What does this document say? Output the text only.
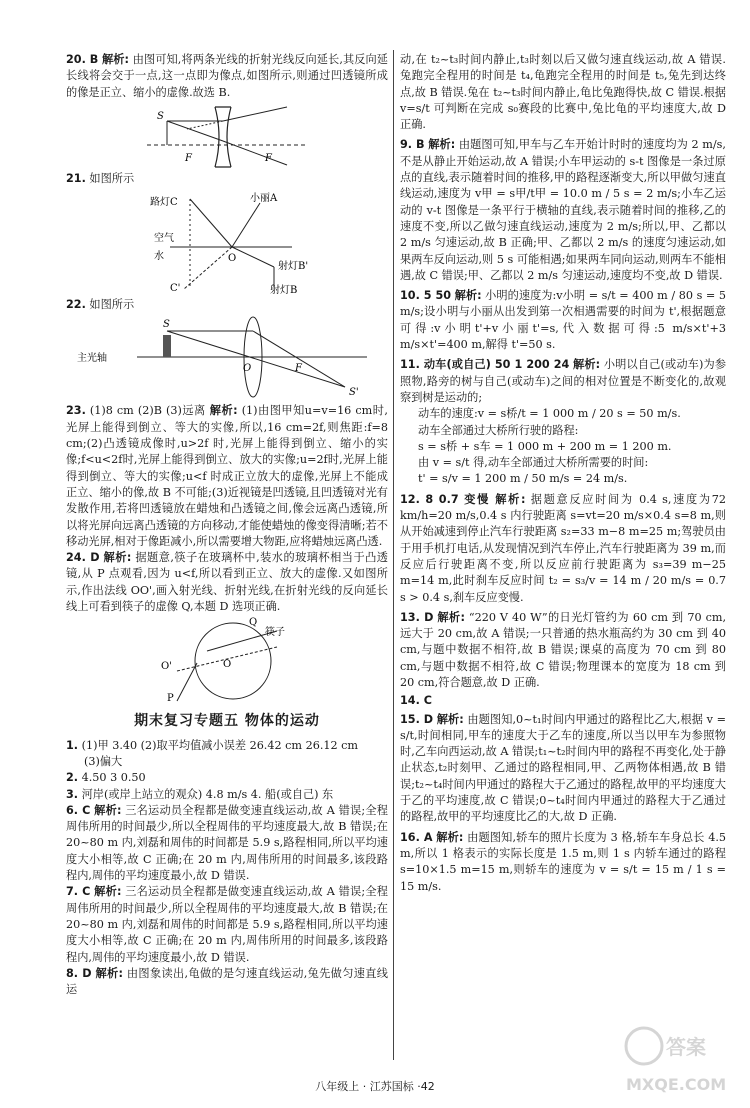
20. B 解析: 由图可知,将两条光线的折射光线反向延长,其反向延长线将会交于一点,这一点即为像点,如图所示,则通过凹透镜所成的像是正立、缩小的虚像.故选 B.

S
F	F

21. 如图所示

路灯C	小丽A
空气
水	O
射灯B'
射灯B
C'

22. 如图所示

主光轴
S
O	F
S'

23. (1)8 cm (2)B (3)远离 解析: (1)由图甲知u=v=16 cm时,光屏上能得到倒立、等大的实像,所以,16 cm=2f,则焦距:f=8 cm;(2)凸透镜成像时,u>2f 时,光屏上能得到倒立、缩小的实像;f<u<2f时,光屏上能得到倒立、放大的实像;u=2f时,光屏上能得到倒立、等大的实像;u<f 时成正立放大的虚像,光屏上不能成正立、缩小的像,故 B 不可能;(3)近视镜是凹透镜,且凹透镜对光有发散作用,若将凹透镜放在蜡烛和凸透镜之间,像会远离凸透镜,所以将光屏向远离凸透镜的方向移动,才能使蜡烛的像变得清晰;若不移动光屏,相对于像距减小,所以需要增大物距,应将蜡烛远离凸透.

24. D 解析: 据题意,筷子在玻璃杯中,装水的玻璃杯相当于凸透镜,从 P 点观看,因为 u<f,所以看到正立、放大的虚像.又如图所示,作出法线 OO',画入射光线、折射光线,在折射光线的反向延长线上可看到筷子的虚像 Q,本题 D 选项正确.

Q
筷子
O
O'
P
期末复习专题五 物体的运动

1. (1)甲 3.40 (2)取平均值减小误差 26.42 cm 26.12 cm

(3)偏大

2. 4.50 3 0.50

3. 河岸(或岸上站立的观众) 4.8 m/s 4. 船(或自己) 东

6. C 解析: 三名运动员全程都是做变速直线运动,故 A 错误;全程周伟所用的时间最少,所以全程周伟的平均速度最大,故 B 错误;在 20~80 m 内,刘磊和周伟的时间都是 5.9 s,路程相同,所以平均速度大小相等,故 C 正确;在 20 m 内,周伟所用的时间最多,该段路程内,周伟的平均速度最小,故 D 错误.

7. C 解析: 三名运动员全程都是做变速直线运动,故 A 错误;全程周伟所用的时间最少,所以全程周伟的平均速度最大,故 B 错误;在 20~80 m 内,刘磊和周伟的时间都是 5.9 s,路程相同,所以平均速度大小相等,故 C 正确;在 20 m 内,周伟所用的时间最多,该段路程内,周伟的平均速度最小,故 D 错误.

8. D 解析: 由图象读出,龟做的是匀速直线运动,兔先做匀速直线运

动,在 t₂~t₃时间内静止,t₃时刻以后又做匀速直线运动,故 A 错误.兔跑完全程用的时间是 t₄,龟跑完全程用的时间是 t₅,兔先到达终点,故 B 错误.兔在 t₂~t₃时间内静止,龟比兔跑得快,故 C 错误.根据 v=s/t 可判断在完成 s₀赛段的比赛中,兔比龟的平均速度大,故 D 正确.

9. B 解析: 由题图可知,甲车与乙车开始计时时的速度均为 2 m/s,不是从静止开始运动,故 A 错误;小车甲运动的 s-t 图像是一条过原点的直线,表示随着时间的推移,甲的路程逐渐变大,所以甲做匀速直线运动,速度为 v甲 = s甲/t甲 = 10.0 m / 5 s = 2 m/s;小车乙运动的 v-t 图像是一条平行于横轴的直线,表示随着时间的推移,乙的速度不变,所以乙做匀速直线运动,速度为 2 m/s;所以,甲、乙都以 2 m/s 匀速运动,故 B 正确;甲、乙都以 2 m/s 的速度匀速运动,如果两车反向运动,则 5 s 可能相遇;如果两车同向运动,则两车不能相遇,故 C 错误;甲、乙都以 2 m/s 匀速运动,速度均不变,故 D 错误.

10. 5 50 解析: 小明的速度为:v小明 = s/t = 400 m / 80 s = 5 m/s;设小明与小丽从出发到第一次相遇需要的时间为 t',根据题意可得:v小明t'+v小丽t'=s,代入数据可得:5 m/s×t'+3 m/s×t'=400 m,解得 t'=50 s.

11. 动车(或自己) 50 1 200 24 解析: 小明以自己(或动车)为参照物,路旁的树与自己(或动车)之间的相对位置是不断变化的,故观察到树是运动的;

动车的速度:v = s桥/t = 1 000 m / 20 s = 50 m/s.

动车全部通过大桥所行驶的路程:

s = s桥 + s车 = 1 000 m + 200 m = 1 200 m.

由 v = s/t 得,动车全部通过大桥所需要的时间:

t' = s/v = 1 200 m / 50 m/s = 24 m/s.

12. 8 0.7 变慢 解析: 据题意反应时间为 0.4 s,速度为72 km/h=20 m/s,0.4 s 内行驶距离 s=vt=20 m/s×0.4 s=8 m,则从开始减速到停止汽车行驶距离 s₂=33 m−8 m=25 m;驾驶员由于用手机打电话,从发现情况到汽车停止,汽车行驶距离为 39 m,而反应后行驶距离不变,所以反应前行驶距离为 s₃=39 m−25 m=14 m,此时刹车反应时间 t₂ = s₃/v = 14 m / 20 m/s = 0.7 s > 0.4 s,刹车反应变慢.

13. D 解析: “220 V 40 W”的日光灯管约为 60 cm 到 70 cm,远大于 20 cm,故 A 错误;一只普通的热水瓶高约为 30 cm 到 40 cm,与题中数据不相符,故 B 错误;课桌的高度为 70 cm 到 80 cm,与题中数据不相符,故 C 错误;物理课本的宽度为 18 cm 到 20 cm,符合题意,故 D 正确.

14. C

15. D 解析: 由题图知,0~t₁时间内甲通过的路程比乙大,根据 v = s/t,时间相同,甲车的速度大于乙车的速度,所以当以甲车为参照物时,乙车向西运动,故 A 错误;t₁~t₂时间内甲的路程不再变化,处于静止状态,t₂时刻甲、乙通过的路程相同,甲、乙两物体相遇,故 B 错误;t₂~t₄时间内甲通过的路程大于乙通过的路程,故甲的平均速度大于乙的平均速度,故 C 错误;0~t₄时间内甲通过的路程大于乙通过的路程,故甲的平均速度比乙的大,故 D 正确.

16. A 解析: 由题图知,轿车的照片长度为 3 格,轿车车身总长 4.5 m,所以 1 格表示的实际长度是 1.5 m,则 1 s 内轿车通过的路程 s=10×1.5 m=15 m,则轿车的速度为 v = s/t = 15 m / 1 s = 15 m/s.

答案
MXQE.COM
八年级上 · 江苏国标 ·42
